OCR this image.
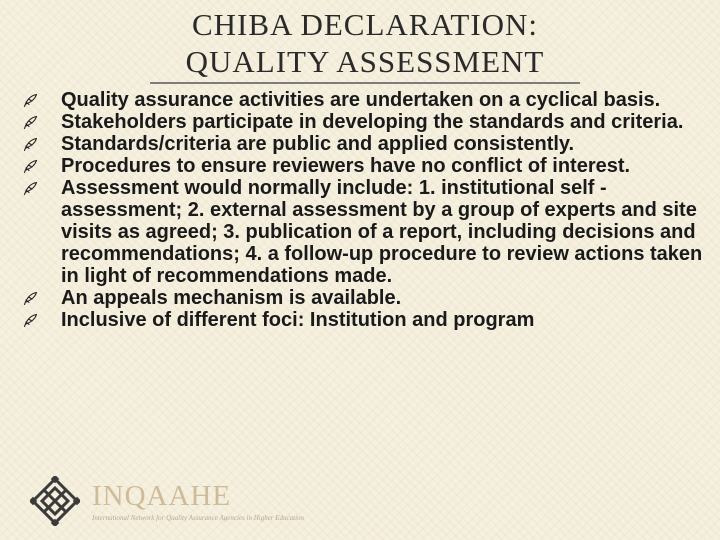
CHIBA DECLARATION:
QUALITY ASSESSMENT
Quality assurance activities are undertaken on a cyclical basis.
Stakeholders participate in developing the standards and criteria.
Standards/criteria are public and applied consistently.
Procedures to ensure reviewers have no conflict of interest.
Assessment would normally include: 1. institutional self -assessment; 2. external assessment by a group of experts and site visits as agreed; 3. publication of a report, including decisions and recommendations; 4. a follow-up procedure to review actions taken in light of recommendations made.
An appeals mechanism is available.
Inclusive of different foci: Institution and program
INQAAHE
International Network for Quality Assurance Agencies in Higher Education
